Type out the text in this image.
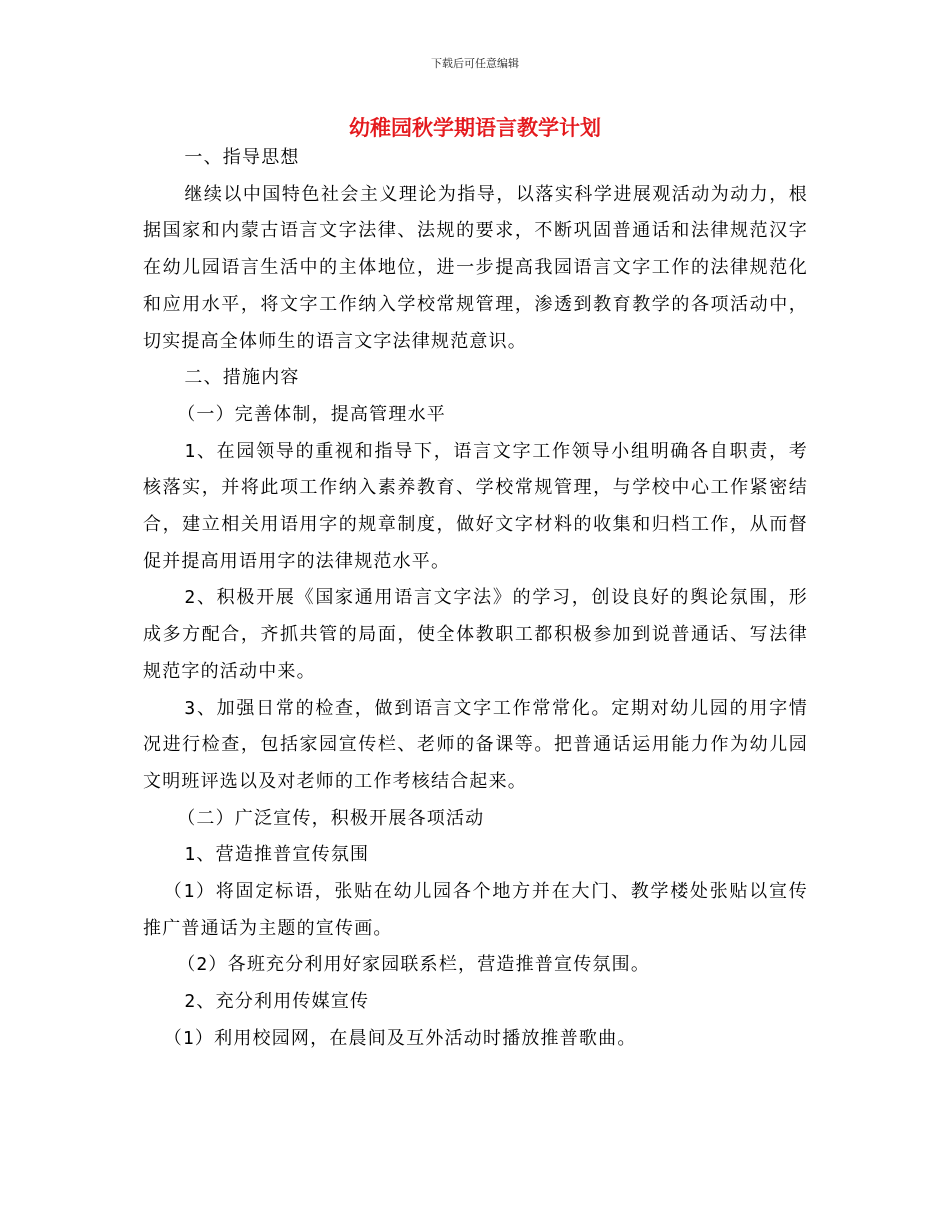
下载后可任意编辑
幼稚园秋学期语言教学计划

一、指导思想

继续以中国特色社会主义理论为指导，以落实科学进展观活动为动力，根据国家和内蒙古语言文字法律、法规的要求，不断巩固普通话和法律规范汉字在幼儿园语言生活中的主体地位，进一步提高我园语言文字工作的法律规范化和应用水平，将文字工作纳入学校常规管理，渗透到教育教学的各项活动中，切实提高全体师生的语言文字法律规范意识。

二、措施内容

（一）完善体制，提高管理水平

1、在园领导的重视和指导下，语言文字工作领导小组明确各自职责，考核落实，并将此项工作纳入素养教育、学校常规管理，与学校中心工作紧密结合，建立相关用语用字的规章制度，做好文字材料的收集和归档工作，从而督促并提高用语用字的法律规范水平。

2、积极开展《国家通用语言文字法》的学习，创设良好的舆论氛围，形成多方配合，齐抓共管的局面，使全体教职工都积极参加到说普通话、写法律规范字的活动中来。

3、加强日常的检查，做到语言文字工作常常化。定期对幼儿园的用字情况进行检查，包括家园宣传栏、老师的备课等。把普通话运用能力作为幼儿园文明班评选以及对老师的工作考核结合起来。

（二）广泛宣传，积极开展各项活动

1、营造推普宣传氛围

（1）将固定标语，张贴在幼儿园各个地方并在大门、教学楼处张贴以宣传推广普通话为主题的宣传画。

（2）各班充分利用好家园联系栏，营造推普宣传氛围。

2、充分利用传媒宣传

（1）利用校园网，在晨间及互外活动时播放推普歌曲。
